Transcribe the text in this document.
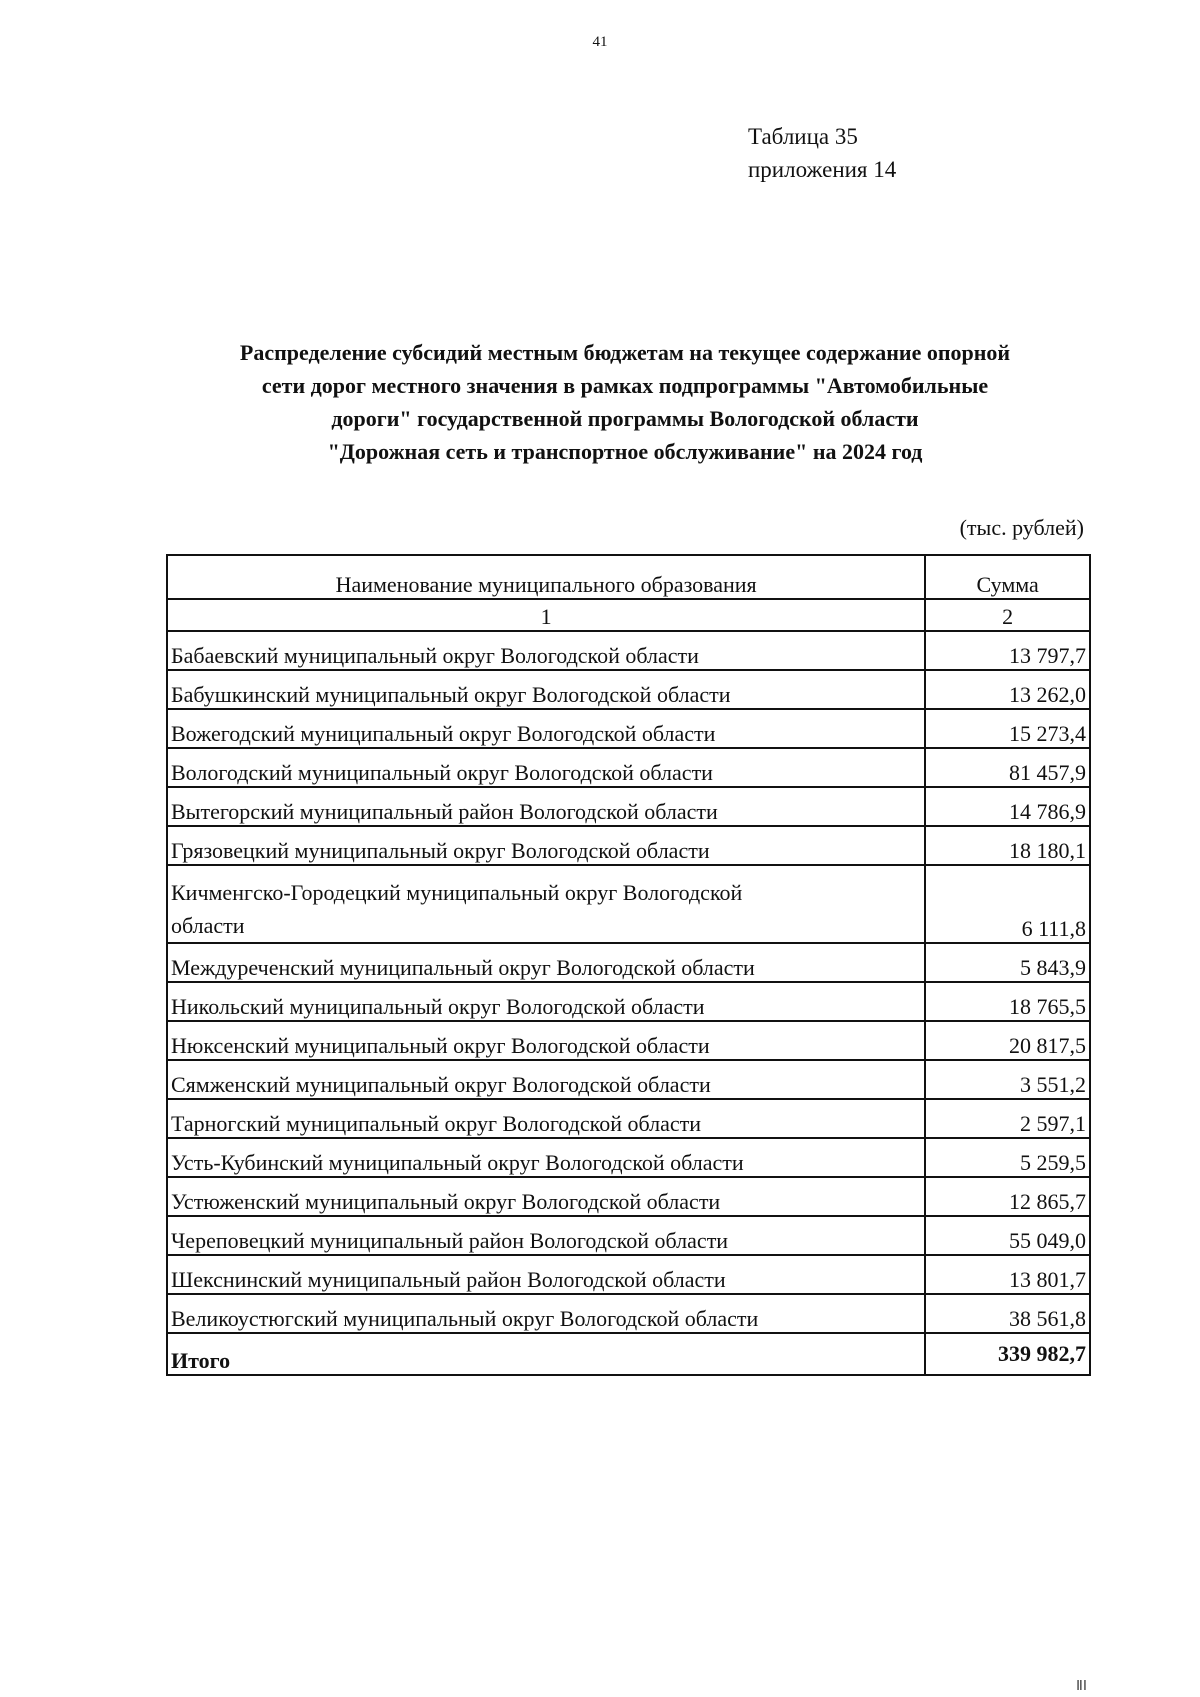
41
Таблица 35
приложения 14
Распределение субсидий местным бюджетам на текущее содержание опорной
сети дорог местного значения в рамках подпрограммы "Автомобильные
дороги" государственной программы Вологодской области
"Дорожная сеть и транспортное обслуживание" на 2024 год
(тыс. рублей)
Наименование муниципального образования	Сумма
1	2
Бабаевский муниципальный округ Вологодской области	13 797,7
Бабушкинский муниципальный округ Вологодской области	13 262,0
Вожегодский муниципальный округ Вологодской области	15 273,4
Вологодский муниципальный округ Вологодской области	81 457,9
Вытегорский муниципальный район Вологодской области	14 786,9
Грязовецкий муниципальный округ Вологодской области	18 180,1

Кичменгско-Городецкий муниципальный округ Вологодской
области	6 111,8
Междуреченский муниципальный округ Вологодской области	5 843,9
Никольский муниципальный округ Вологодской области	18 765,5
Нюксенский муниципальный округ Вологодской области	20 817,5
Сямженский муниципальный округ Вологодской области	3 551,2
Тарногский муниципальный округ Вологодской области	2 597,1
Усть-Кубинский муниципальный округ Вологодской области	5 259,5
Устюженский муниципальный округ Вологодской области	12 865,7
Череповецкий муниципальный район Вологодской области	55 049,0
Шекснинский муниципальный район Вологодской области	13 801,7
Великоустюгский муниципальный округ Вологодской области	38 561,8
Итого	339 982,7
ⅡⅠ
